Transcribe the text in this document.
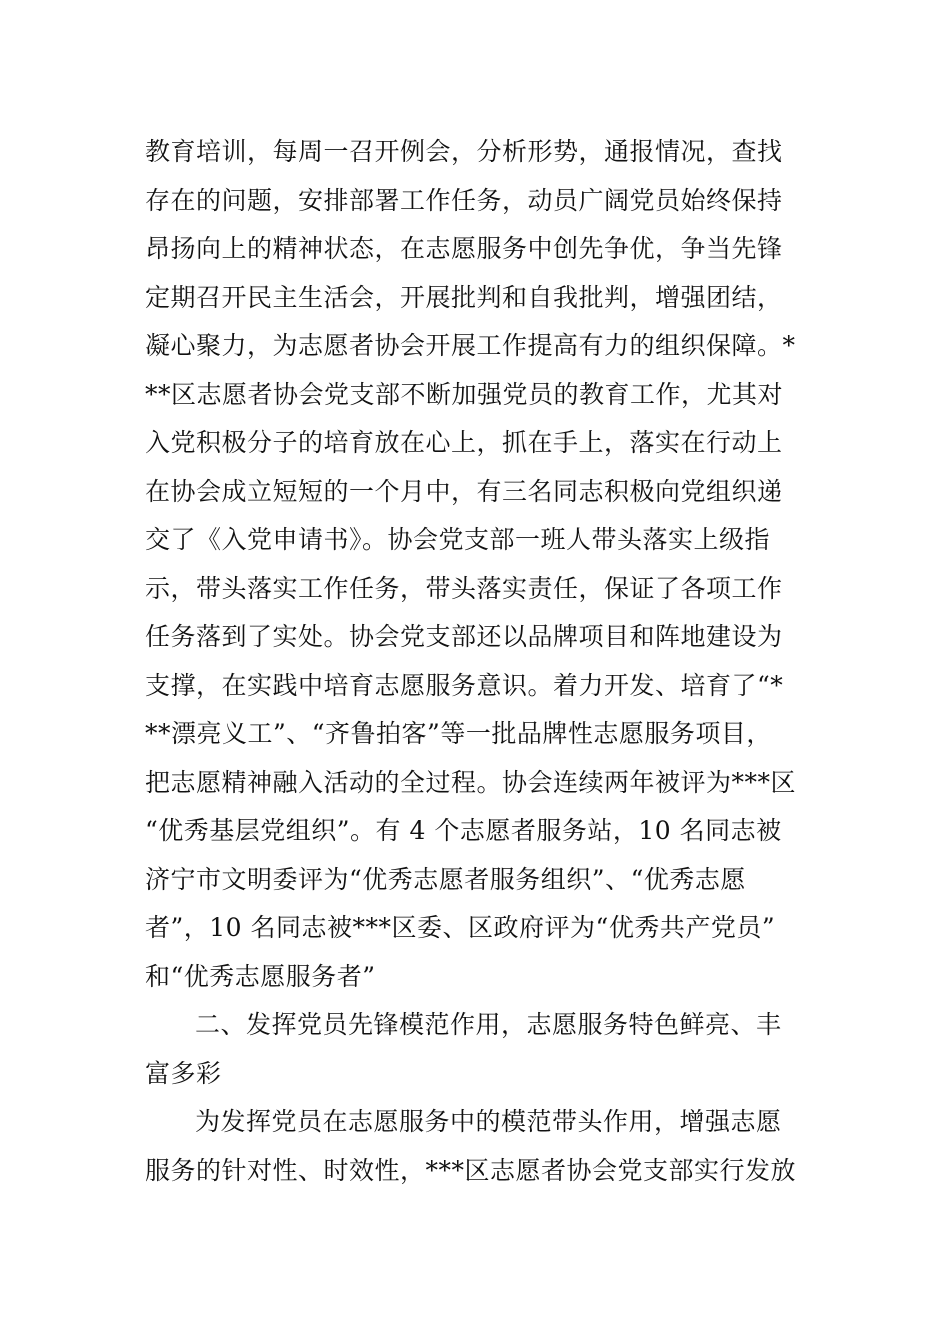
教育培训，每周一召开例会，分析形势，通报情况，查找
存在的问题，安排部署工作任务，动员广阔党员始终保持
昂扬向上的精神状态，在志愿服务中创先争优，争当先锋
定期召开民主生活会，开展批判和自我批判，增强团结，
凝心聚力，为志愿者协会开展工作提高有力的组织保障。*
**区志愿者协会党支部不断加强党员的教育工作，尤其对
入党积极分子的培育放在心上，抓在手上，落实在行动上
在协会成立短短的一个月中，有三名同志积极向党组织递
交了《入党申请书》。协会党支部一班人带头落实上级指
示，带头落实工作任务，带头落实责任，保证了各项工作
任务落到了实处。协会党支部还以品牌项目和阵地建设为
支撑，在实践中培育志愿服务意识。着力开发、培育了“*
**漂亮义工”、“齐鲁拍客”等一批品牌性志愿服务项目，
把志愿精神融入活动的全过程。协会连续两年被评为***区
“优秀基层党组织”。有 4 个志愿者服务站，10 名同志被
济宁市文明委评为“优秀志愿者服务组织”、“优秀志愿
者”，10 名同志被***区委、区政府评为“优秀共产党员”
和“优秀志愿服务者”
二、发挥党员先锋模范作用，志愿服务特色鲜亮、丰
富多彩
为发挥党员在志愿服务中的模范带头作用，增强志愿
服务的针对性、时效性，***区志愿者协会党支部实行发放
